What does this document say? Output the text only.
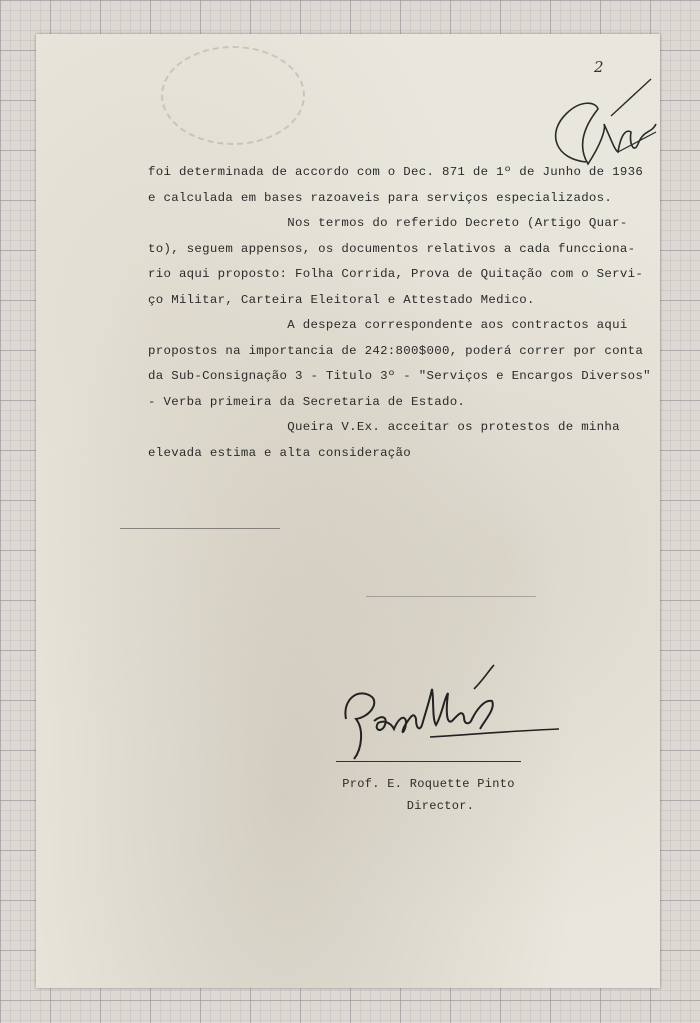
2
foi determinada de accordo com o Dec. 871 de 1º de Junho de 1936
e calculada em bases razoaveis para serviços especializados.
Nos termos do referido Decreto (Artigo Quar-
to), seguem appensos, os documentos relativos a cada funcciona-
rio aqui proposto: Folha Corrida, Prova de Quitação com o Servi-
ço Militar, Carteira Eleitoral e Attestado Medico.
A despeza correspondente aos contractos aqui
propostos na importancia de 242:800$000, poderá correr por conta
da Sub-Consignação 3 - Titulo 3º - "Serviços e Encargos Diversos"
- Verba primeira da Secretaria de Estado.
Queira V.Ex. acceitar os protestos de minha
elevada estima e alta consideração
Prof. E. Roquette Pinto
Director.
